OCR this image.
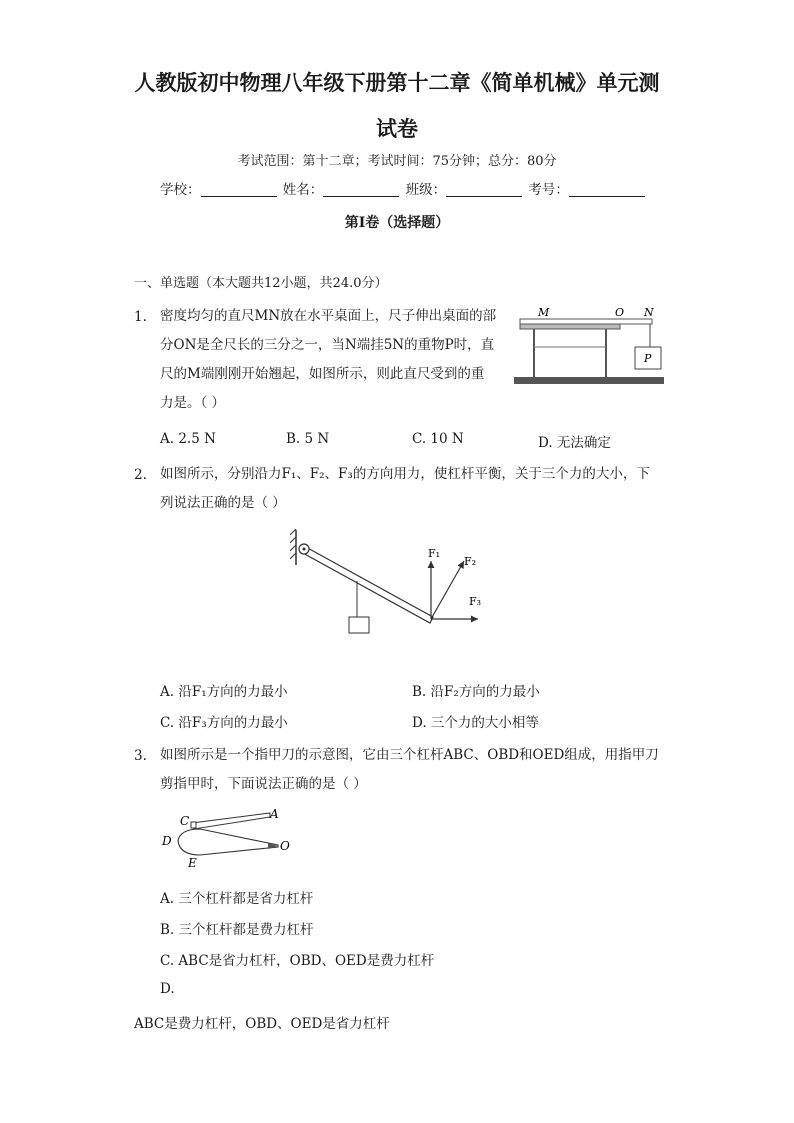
人教版初中物理八年级下册第十二章《简单机械》单元测
试卷
考试范围：第十二章；考试时间：75分钟；总分：80分
学校：	姓名：	班级：	考号：
第I卷（选择题）
一、单选题（本大题共12小题，共24.0分）
1. 密度均匀的直尺MN放在水平桌面上，尺子伸出桌面的部
分ON是全尺长的三分之一，当N端挂5N的重物P时，直
尺的M端刚刚开始翘起，如图所示，则此直尺受到的重
力是。（ ）
M	O N
P
A. 2.5 N	B. 5 N	C. 10 N	D. 无法确定
2. 如图所示，分别沿力F₁、F₂、F₃的方向用力，使杠杆平衡，关于三个力的大小，下
列说法正确的是（ ）
F₁
F₂
F₃
A. 沿F₁方向的力最小	B. 沿F₂方向的力最小
C. 沿F₃方向的力最小	D. 三个力的大小相等
3. 如图所示是一个指甲刀的示意图，它由三个杠杆ABC、OBD和OED组成，用指甲刀
剪指甲时，下面说法正确的是（ ）
C	A
D
E
O
A. 三个杠杆都是省力杠杆
B. 三个杠杆都是费力杠杆
C. ABC是省力杠杆，OBD、OED是费力杠杆
D.
ABC是费力杠杆，OBD、OED是省力杠杆
